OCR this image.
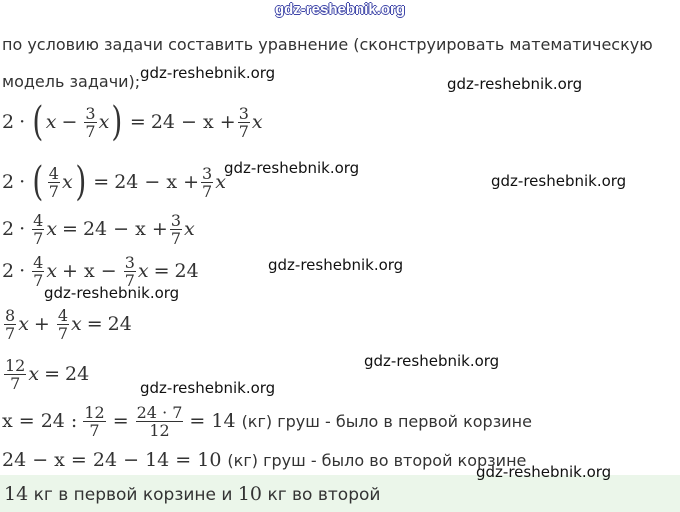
gdz-reshebnik.org
по условию задачи составить уравнение (сконструировать математическую
модель задачи);
2 · ( $x - \frac{3}{7}$ x ) = $24 - x + \frac{3}{7}$ x
2 · ( $\frac{4}{7}$ x ) = $24 - x + \frac{3}{7}$ x
$2 \cdot \frac{4}{7}$ $x = 24 - x + \frac{3}{7}$ x
$2 \cdot \frac{4}{7}$ $x + x - \frac{3}{7}$ x = 24
$\frac{8}{7}$ $x + \frac{4}{7}$ x = 24
$\frac{12}{7}$ x = 24
x = 24 : $\frac{12}{7} = \frac{24 \cdot 7}{12} = 14$ (кг) груш - было в первой корзине
24 − x = 24 − 14 = 10 (кг) груш - было во второй корзине
14 кг в первой корзине и 10 кг во второй
gdz-reshebnik.org
gdz-reshebnik.org
gdz-reshebnik.org
gdz-reshebnik.org
gdz-reshebnik.org
gdz-reshebnik.org
gdz-reshebnik.org
gdz-reshebnik.org
gdz-reshebnik.org
